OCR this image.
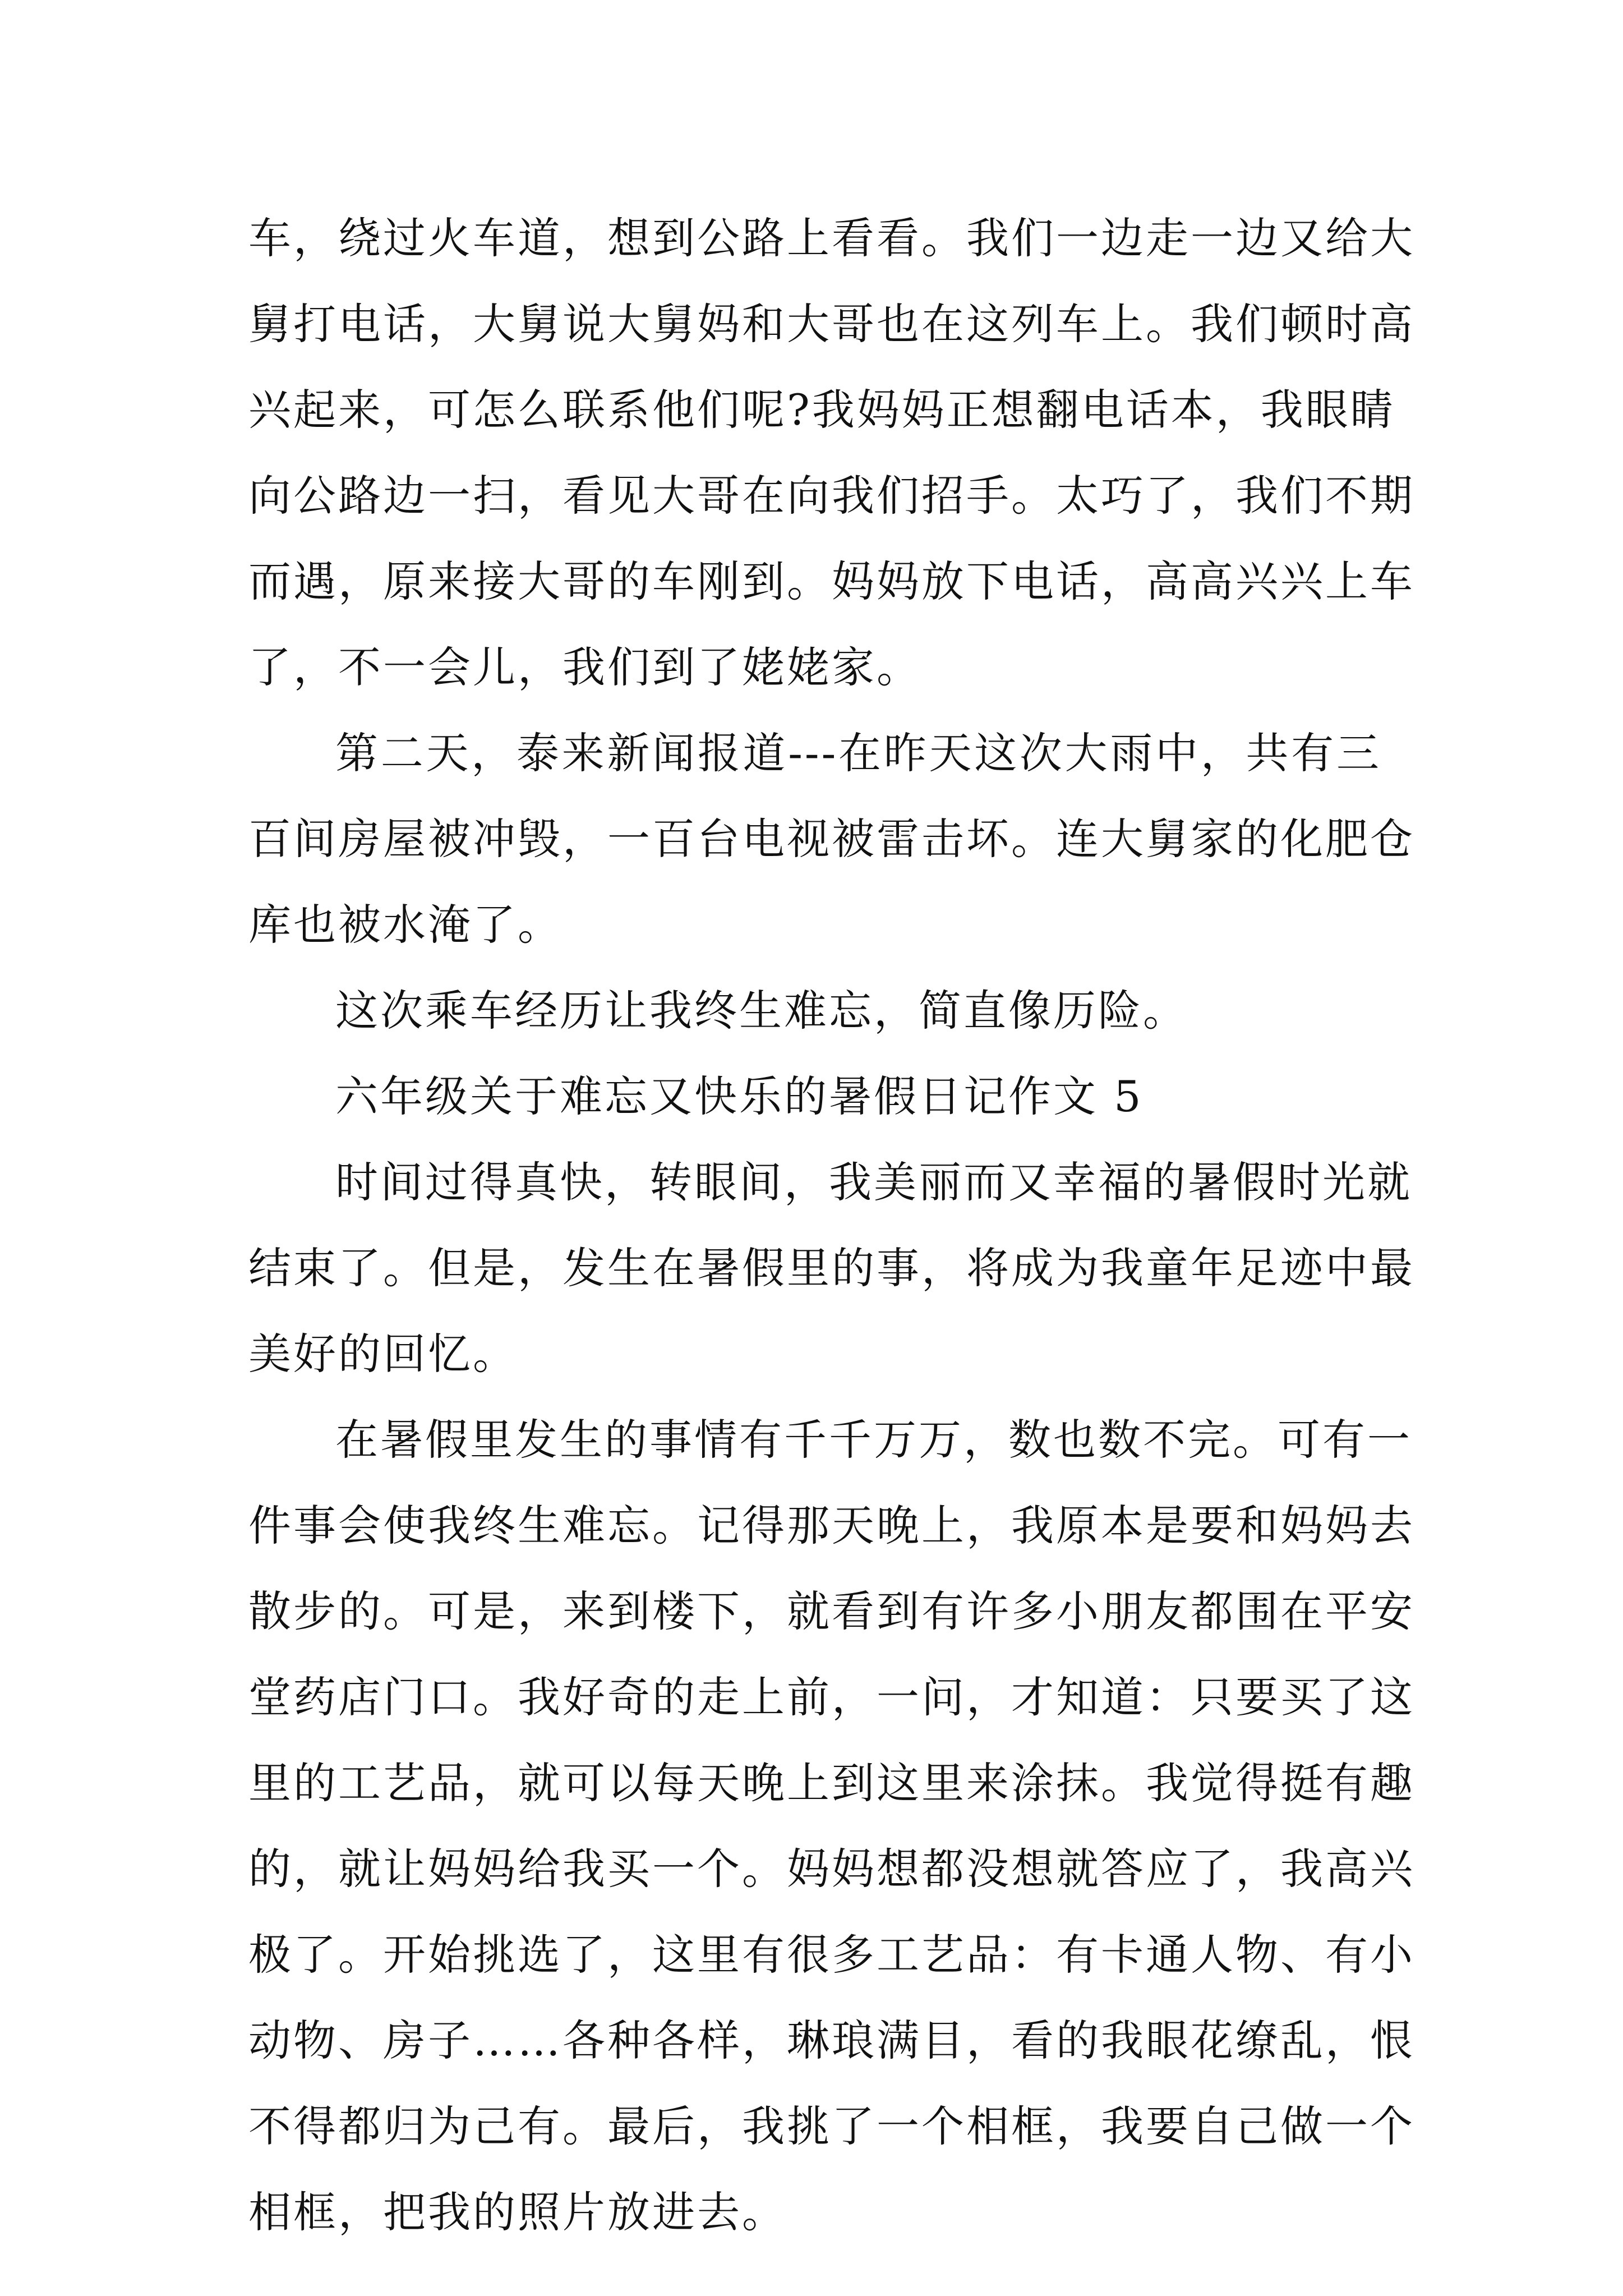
车，绕过火车道，想到公路上看看。我们一边走一边又给大
舅打电话，大舅说大舅妈和大哥也在这列车上。我们顿时高
兴起来，可怎么联系他们呢?我妈妈正想翻电话本，我眼睛
向公路边一扫，看见大哥在向我们招手。太巧了，我们不期
而遇，原来接大哥的车刚到。妈妈放下电话，高高兴兴上车
了，不一会儿，我们到了姥姥家。
第二天，泰来新闻报道---在昨天这次大雨中，共有三
百间房屋被冲毁，一百台电视被雷击坏。连大舅家的化肥仓
库也被水淹了。
这次乘车经历让我终生难忘，简直像历险。
六年级关于难忘又快乐的暑假日记作文 5
时间过得真快，转眼间，我美丽而又幸福的暑假时光就
结束了。但是，发生在暑假里的事，将成为我童年足迹中最
美好的回忆。
在暑假里发生的事情有千千万万，数也数不完。可有一
件事会使我终生难忘。记得那天晚上，我原本是要和妈妈去
散步的。可是，来到楼下，就看到有许多小朋友都围在平安
堂药店门口。我好奇的走上前，一问，才知道：只要买了这
里的工艺品，就可以每天晚上到这里来涂抹。我觉得挺有趣
的，就让妈妈给我买一个。妈妈想都没想就答应了，我高兴
极了。开始挑选了，这里有很多工艺品：有卡通人物、有小
动物、房子……各种各样，琳琅满目，看的我眼花缭乱，恨
不得都归为己有。最后，我挑了一个相框，我要自己做一个
相框，把我的照片放进去。
